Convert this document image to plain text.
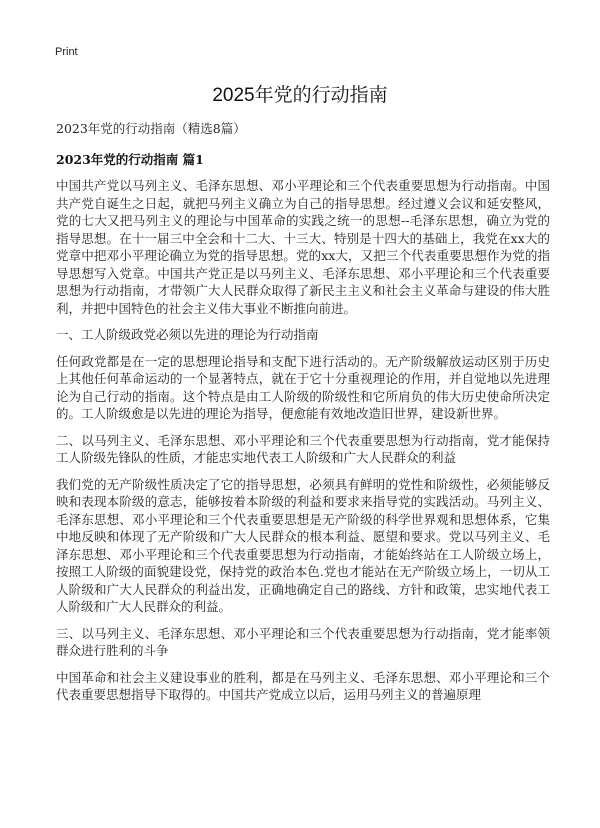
Print
2025年党的行动指南
2023年党的行动指南（精选8篇）
2023年党的行动指南 篇1

中国共产党以马列主义、毛泽东思想、邓小平理论和三个代表重要思想为行动指南。中国共产党自诞生之日起，就把马列主义确立为自己的指导思想。经过遵义会议和延安整风，党的七大又把马列主义的理论与中国革命的实践之统一的思想--毛泽东思想，确立为党的指导思想。在十一届三中全会和十二大、十三大、特别是十四大的基础上，我党在xx大的党章中把邓小平理论确立为党的指导思想。党的xx大，又把三个代表重要思想作为党的指导思想写入党章。中国共产党正是以马列主义、毛泽东思想、邓小平理论和三个代表重要思想为行动指南，才带领广大人民群众取得了新民主主义和社会主义革命与建设的伟大胜利，并把中国特色的社会主义伟大事业不断推向前进。

一、工人阶级政党必须以先进的理论为行动指南

任何政党都是在一定的思想理论指导和支配下进行活动的。无产阶级解放运动区别于历史上其他任何革命运动的一个显著特点，就在于它十分重视理论的作用，并自觉地以先进理论为自己行动的指南。这个特点是由工人阶级的阶级性和它所肩负的伟大历史使命所决定的。工人阶级愈是以先进的理论为指导，便愈能有效地改造旧世界，建设新世界。

二、以马列主义、毛泽东思想、邓小平理论和三个代表重要思想为行动指南，党才能保持工人阶级先锋队的性质，才能忠实地代表工人阶级和广大人民群众的利益

我们党的无产阶级性质决定了它的指导思想，必须具有鲜明的党性和阶级性，必须能够反映和表现本阶级的意志，能够按着本阶级的利益和要求来指导党的实践活动。马列主义、毛泽东思想、邓小平理论和三个代表重要思想是无产阶级的科学世界观和思想体系，它集中地反映和体现了无产阶级和广大人民群众的根本利益、愿望和要求。党以马列主义、毛泽东思想、邓小平理论和三个代表重要思想为行动指南，才能始终站在工人阶级立场上，按照工人阶级的面貌建设党，保持党的政治本色.党也才能站在无产阶级立场上，一切从工人阶级和广大人民群众的利益出发，正确地确定自己的路线、方针和政策，忠实地代表工人阶级和广大人民群众的利益。

三、以马列主义、毛泽东思想、邓小平理论和三个代表重要思想为行动指南，党才能率领群众进行胜利的斗争

中国革命和社会主义建设事业的胜利，都是在马列主义、毛泽东思想、邓小平理论和三个代表重要思想指导下取得的。中国共产党成立以后，运用马列主义的普遍原理
